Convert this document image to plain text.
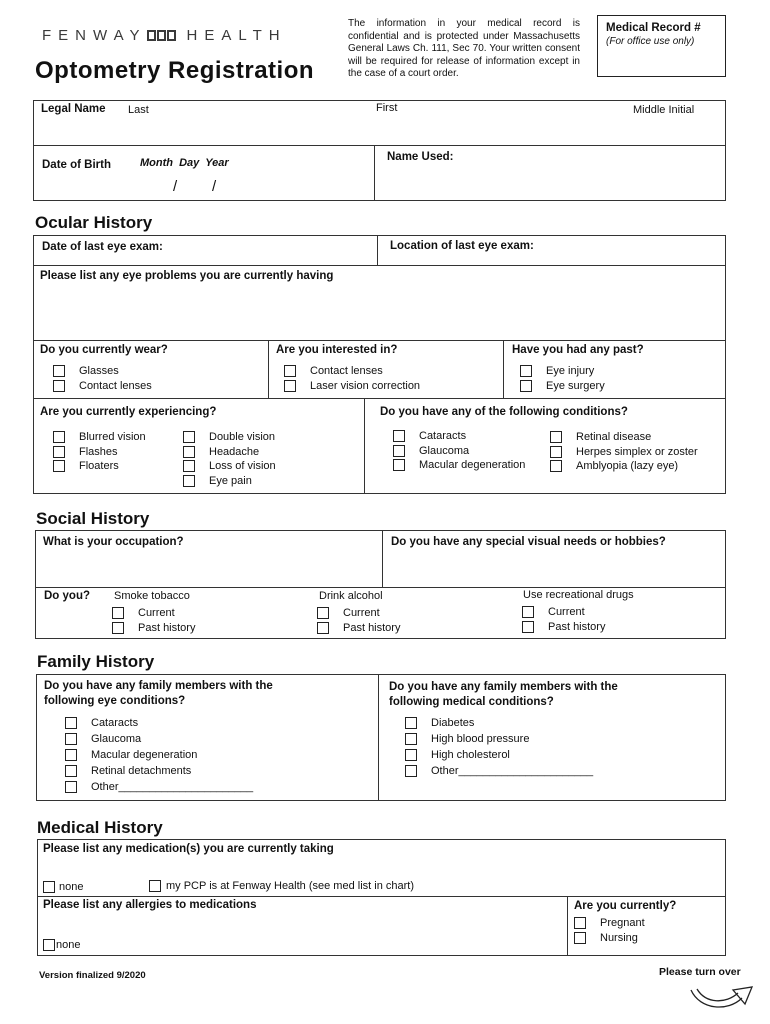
FENWAY	HEALTH
Optometry Registration
The information in your medical record is confidential and is protected under Massachusetts General Laws Ch. 111, Sec 70. Your written consent will be required for release of information except in the case of a court order.
Medical Record #
(For office use only)
Legal Name Last	First	Middle Initial
Date of Birth	Month  Day  Year
/ /
Name Used:
Ocular History
Date of last eye exam:	Location of last eye exam:
Please list any eye problems you are currently having
Do you currently wear?
Glasses
Contact lenses
Are you interested in?
Contact lenses
Laser vision correction
Have you had any past?
Eye injury
Eye surgery
Are you currently experiencing?
Blurred vision
Flashes
Floaters
Double vision
Headache
Loss of vision
Eye pain
Do you have any of the following conditions?
Cataracts
Glaucoma
Macular degeneration
Retinal disease
Herpes simplex or zoster
Amblyopia (lazy eye)
Social History
What is your occupation?	Do you have any special visual needs or hobbies?
Do you? Smoke tobacco
Current
Past history
Drink alcohol
Current
Past history
Use recreational drugs
Current
Past history
Family History
Do you have any family members with the
following eye conditions?
Cataracts
Glaucoma
Macular degeneration
Retinal detachments
Other______________________
Do you have any family members with the
following medical conditions?
Diabetes
High blood pressure
High cholesterol
Other______________________
Medical History
Please list any medication(s) you are currently taking
none	my PCP is at Fenway Health (see med list in chart)
Please list any allergies to medications
none
Are you currently?
Pregnant
Nursing
Version finalized 9/2020	Please turn over
